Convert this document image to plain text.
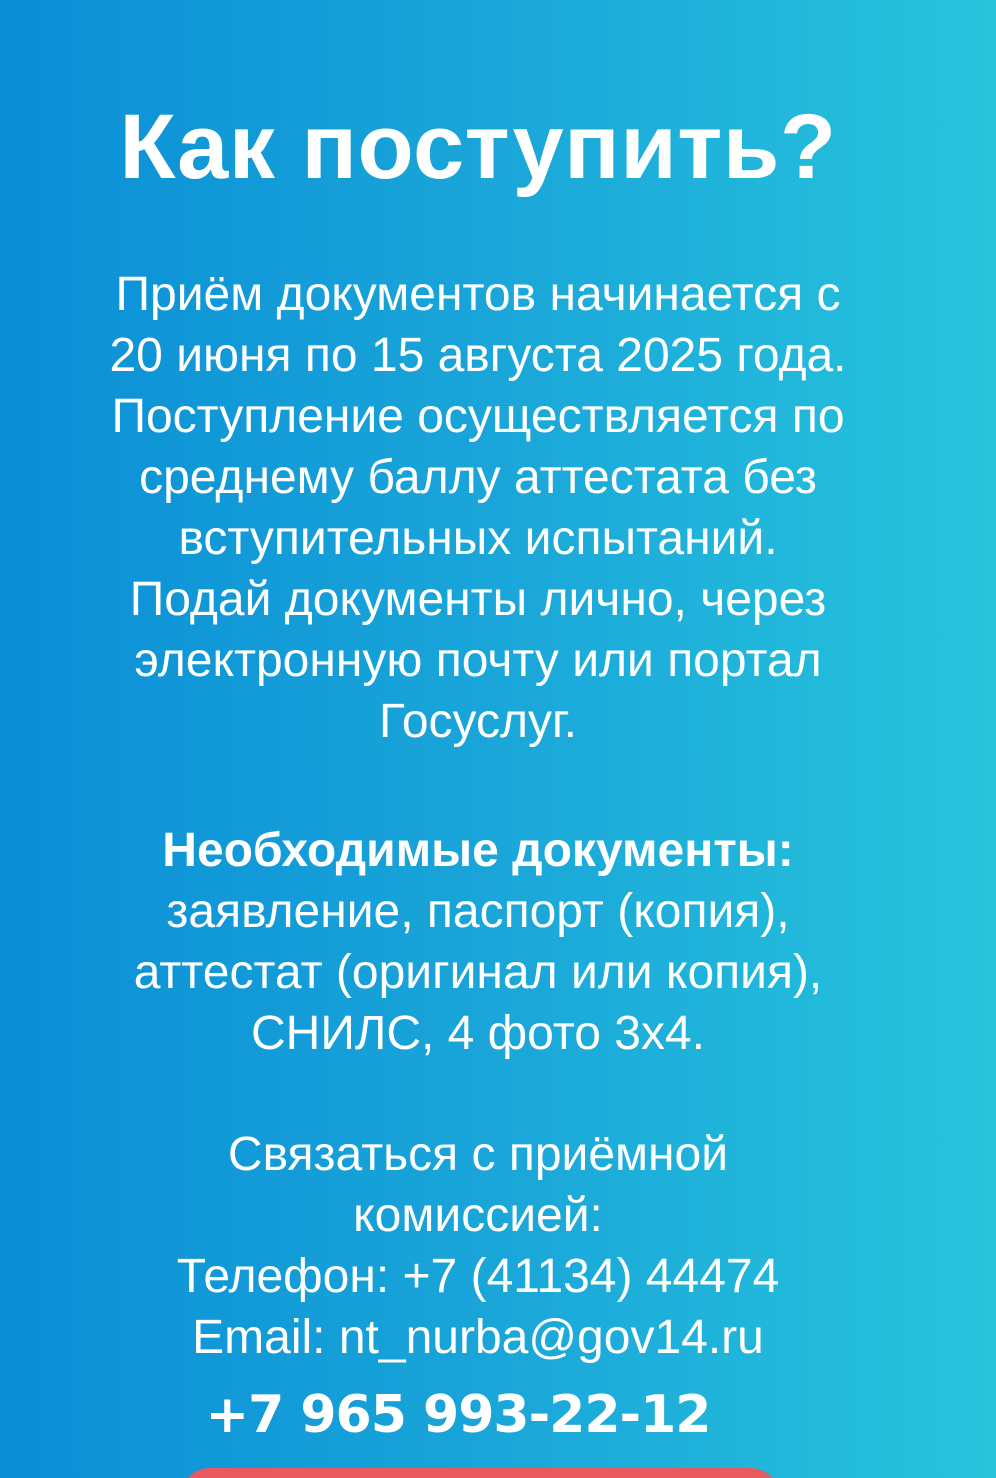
Как поступить?
Приём документов начинается с
20 июня по 15 августа 2025 года.
Поступление осуществляется по
среднему баллу аттестата без
вступительных испытаний.
Подай документы лично, через
электронную почту или портал
Госуслуг.
Необходимые документы:
заявление, паспорт (копия),
аттестат (оригинал или копия),
СНИЛС, 4 фото 3х4.
Связаться с приёмной
комиссией:
Телефон: +7 (41134) 44474
Email: nt_nurba@gov14.ru
+7 965 993-22-12
